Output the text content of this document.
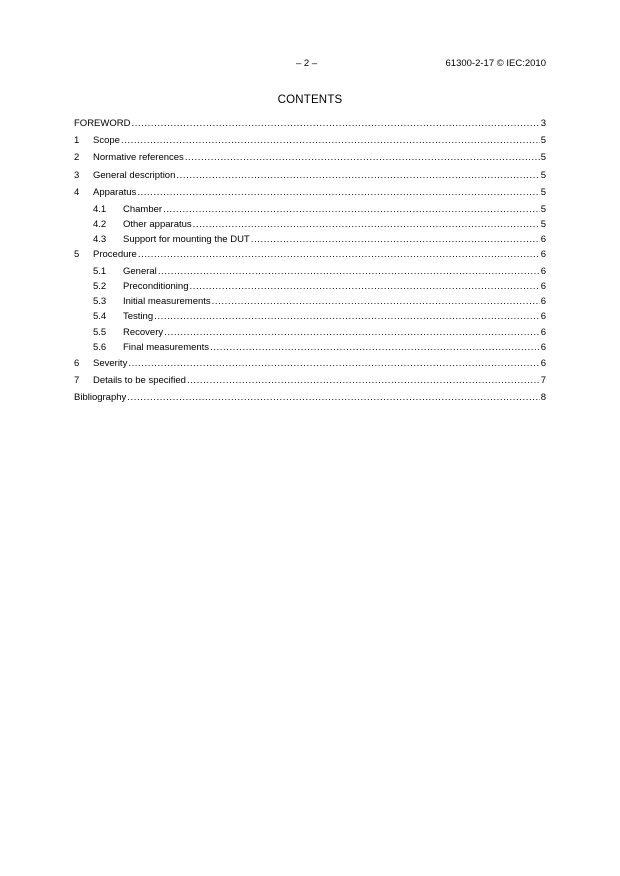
– 2 –	61300-2-17 © IEC:2010
CONTENTS
FOREWORD .....	3
1	Scope .....	5
2	Normative references .....	5
3	General description .....	5
4	Apparatus .....	5
4.1	Chamber .....	5
4.2	Other apparatus .....	5
4.3	Support for mounting the DUT .....	6
5	Procedure .....	6
5.1	General .....	6
5.2	Preconditioning .....	6
5.3	Initial measurements .....	6
5.4	Testing .....	6
5.5	Recovery .....	6
5.6	Final measurements .....	6
6	Severity .....	6
7	Details to be specified .....	7
Bibliography .....	8
